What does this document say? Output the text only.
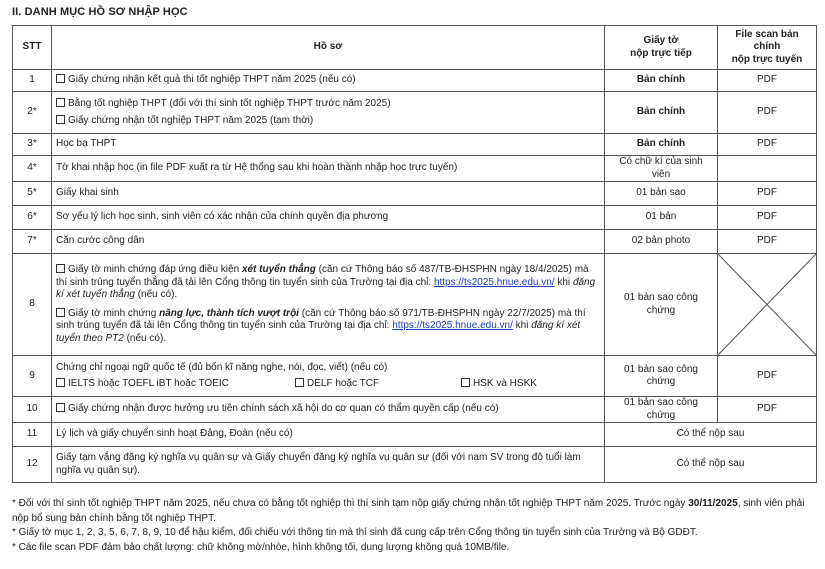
II. DANH MỤC HỒ SƠ NHẬP HỌC
STT	Hồ sơ	Giấy tờ
nộp trực tiếp	File scan bản chính
nộp trực tuyến

1	Giấy chứng nhận kết quả thi tốt nghiệp THPT năm 2025 (nếu có)	Bản chính	PDF
2*	Bằng tốt nghiệp THPT (đối với thí sinh tốt nghiệp THPT trước năm 2025)
Giấy chứng nhận tốt nghiệp THPT năm 2025 (tạm thời)	Bản chính	PDF
3*	Học bạ THPT	Bản chính	PDF
4*	Tờ khai nhập học (in file PDF xuất ra từ Hệ thống sau khi hoàn thành nhập học trực tuyến)	Có chữ kí của sinh viên	
5*	Giấy khai sinh	01 bản sao	PDF
6*	Sơ yếu lý lịch học sinh, sinh viên có xác nhận của chính quyền địa phương	01 bản	PDF
7*	Căn cước công dân	02 bản photo	PDF
8	Giấy tờ minh chứng đáp ứng điều kiện xét tuyển thẳng (căn cứ Thông báo số 487/TB-ĐHSPHN ngày 18/4/2025) mà thí sinh trúng tuyển thẳng đã tải lên Cổng thông tin tuyển sinh của Trường tại địa chỉ: https://ts2025.hnue.edu.vn/ khi đăng kí xét tuyển thẳng (nếu có).
Giấy tờ minh chứng năng lực, thành tích vượt trội (căn cứ Thông báo số 971/TB-ĐHSPHN ngày 22/7/2025) mà thí sinh trúng tuyển đã tải lên Cổng thông tin tuyển sinh của Trường tại địa chỉ: https://ts2025.hnue.edu.vn/ khi đăng kí xét tuyển theo PT2 (nếu có).	01 bản sao công chứng	

9	Chứng chỉ ngoại ngữ quốc tế (đủ bốn kĩ năng nghe, nói, đọc, viết) (nếu có)
IELTS hoặc TOEFL iBT hoặc TOEIC DELF hoặc TCF HSK và HSKK	01 bản sao công chứng	PDF
10	Giấy chứng nhận được hưởng ưu tiên chính sách xã hội do cơ quan có thẩm quyền cấp (nếu có)	01 bản sao công chứng	PDF
11	Lý lịch và giấy chuyển sinh hoạt Đảng, Đoàn (nếu có)	Có thể nộp sau	
12	Giấy tạm vắng đăng ký nghĩa vụ quân sự và Giấy chuyển đăng ký nghĩa vụ quân sự (đối với nam SV trong độ tuổi làm nghĩa vụ quân sự).	Có thể nộp sau	

* Đối với thí sinh tốt nghiệp THPT năm 2025, nếu chưa có bằng tốt nghiệp thì thí sinh tạm nộp giấy chứng nhận tốt nghiệp THPT năm 2025. Trước ngày 30/11/2025, sinh viên phải nộp bổ sung bản chính bằng tốt nghiệp THPT.

* Giấy tờ mục 1, 2, 3, 5, 6, 7, 8, 9, 10 để hậu kiểm, đối chiếu với thông tin mà thí sinh đã cung cấp trên Cổng thông tin tuyển sinh của Trường và Bộ GDĐT.

* Các file scan PDF đảm bảo chất lượng: chữ không mờ/nhòe, hình không tối, dung lượng không quá 10MB/file.
